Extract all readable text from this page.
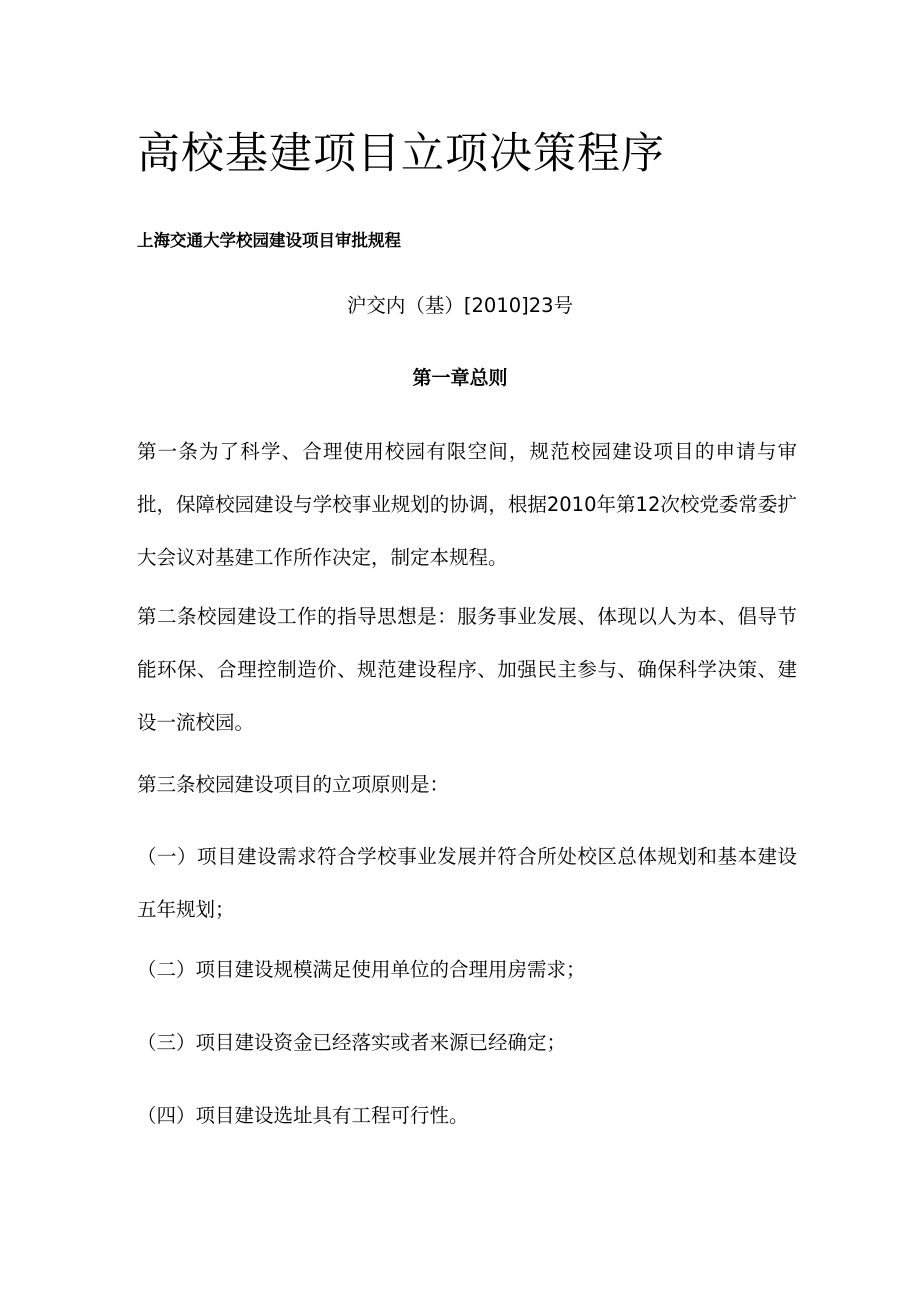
高校基建项目立项决策程序
上海交通大学校园建设项目审批规程
沪交内（基）[2010]23号
第一章总则

第一条为了科学、合理使用校园有限空间，规范校园建设项目的申请与审批，保障校园建设与学校事业规划的协调，根据2010年第12次校党委常委扩大会议对基建工作所作决定，制定本规程。

第二条校园建设工作的指导思想是：服务事业发展、体现以人为本、倡导节能环保、合理控制造价、规范建设程序、加强民主参与、确保科学决策、建设一流校园。

第三条校园建设项目的立项原则是：

（一）项目建设需求符合学校事业发展并符合所处校区总体规划和基本建设五年规划；

（二）项目建设规模满足使用单位的合理用房需求；

（三）项目建设资金已经落实或者来源已经确定；

（四）项目建设选址具有工程可行性。
